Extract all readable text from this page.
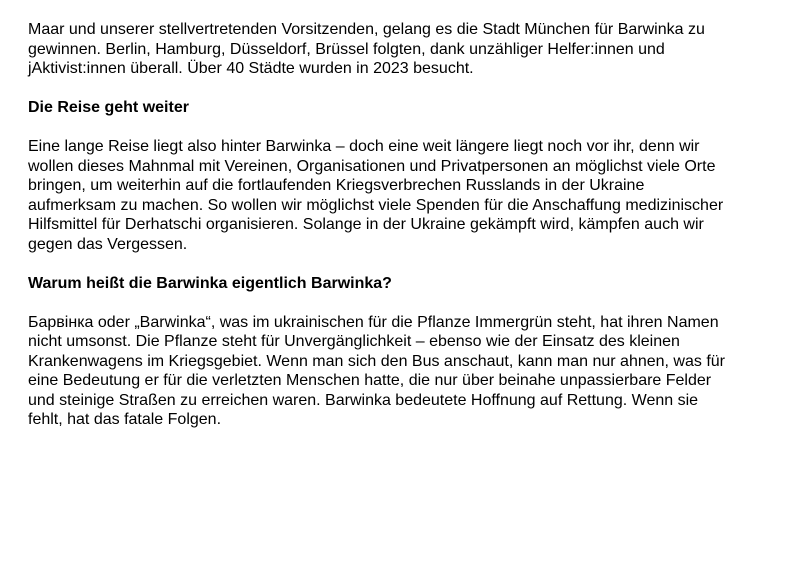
Maar und unserer stellvertretenden Vorsitzenden, gelang es die Stadt München für Barwinka zu
gewinnen. Berlin, Hamburg, Düsseldorf, Brüssel folgten, dank unzähliger Helfer:innen und
jAktivist:innen überall. Über 40 Städte wurden in 2023 besucht.

Die Reise geht weiter

Eine lange Reise liegt also hinter Barwinka – doch eine weit längere liegt noch vor ihr, denn wir
wollen dieses Mahnmal mit Vereinen, Organisationen und Privatpersonen an möglichst viele Orte
bringen, um weiterhin auf die fortlaufenden Kriegsverbrechen Russlands in der Ukraine
aufmerksam zu machen. So wollen wir möglichst viele Spenden für die Anschaffung medizinischer
Hilfsmittel für Derhatschi organisieren. Solange in der Ukraine gekämpft wird, kämpfen auch wir
gegen das Vergessen.

Warum heißt die Barwinka eigentlich Barwinka?

Барвінка oder „Barwinka“, was im ukrainischen für die Pflanze Immergrün steht, hat ihren Namen
nicht umsonst. Die Pflanze steht für Unvergänglichkeit – ebenso wie der Einsatz des kleinen
Krankenwagens im Kriegsgebiet. Wenn man sich den Bus anschaut, kann man nur ahnen, was für
eine Bedeutung er für die verletzten Menschen hatte, die nur über beinahe unpassierbare Felder
und steinige Straßen zu erreichen waren. Barwinka bedeutete Hoffnung auf Rettung. Wenn sie
fehlt, hat das fatale Folgen.
